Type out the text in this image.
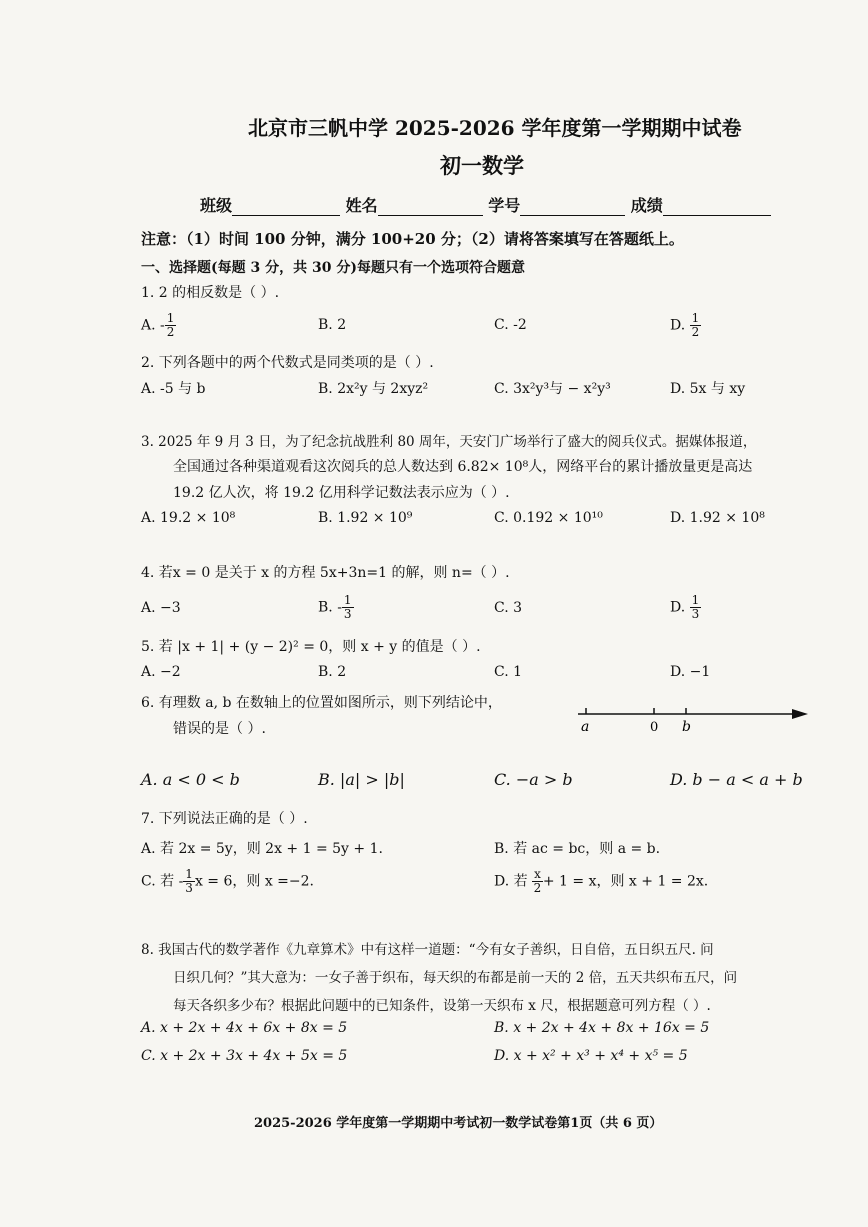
北京市三帆中学 2025-2026 学年度第一学期期中试卷
初一数学
班级	姓名	学号	成绩
注意：（1）时间 100 分钟，满分 100+20 分；（2）请将答案填写在答题纸上。
一、选择题(每题 3 分，共 30 分)每题只有一个选项符合题意
1. 2 的相反数是（ ）.
A. - $\frac{1}{2}$	B. 2	C. -2	D. $\frac{1}{2}$
2. 下列各题中的两个代数式是同类项的是（ ）.
A. -5 与 b	B. 2x²y 与 2xyz²	C. 3x²y³与 − x²y³	D. 5x 与 xy
3. 2025 年 9 月 3 日，为了纪念抗战胜利 80 周年，天安门广场举行了盛大的阅兵仪式。据媒体报道，
全国通过各种渠道观看这次阅兵的总人数达到 6.82× 10⁸人，网络平台的累计播放量更是高达
19.2 亿人次，将 19.2 亿用科学记数法表示应为（ ）.
A. 19.2 × 10⁸	B. 1.92 × 10⁹	C. 0.192 × 10¹⁰	D. 1.92 × 10⁸
4. 若x = 0 是关于 x 的方程 5x+3n=1 的解，则 n=（ ）.
A. −3	B. - $\frac{1}{3}$	C. 3	D. $\frac{1}{3}$
5. 若 |x + 1| + (y − 2)² = 0，则 x + y 的值是（ ）.
A. −2	B. 2	C. 1	D. −1
6. 有理数 a, b 在数轴上的位置如图所示，则下列结论中，
错误的是（ ）.	a	0 b
A. a < 0 < b	B. |a| > |b|	C. −a > b	D. b − a < a + b
7. 下列说法正确的是（ ）.
A. 若 2x = 5y，则 2x + 1 = 5y + 1.	B. 若 ac = bc，则 a = b.
C. 若 - $\frac{1}{3}$ x = 6，则 x =−2.	D. 若 $\frac{x}{2} + 1 = x$，则 x + 1 = 2x.
8. 我国古代的数学著作《九章算术》中有这样一道题：“今有女子善织，日自倍，五日织五尺. 问
日织几何？”其大意为：一女子善于织布，每天织的布都是前一天的 2 倍，五天共织布五尺，问
每天各织多少布？根据此问题中的已知条件，设第一天织布 x 尺，根据题意可列方程（ ）.
A. x + 2x + 4x + 6x + 8x = 5	B. x + 2x + 4x + 8x + 16x = 5
C. x + 2x + 3x + 4x + 5x = 5	D. x + x² + x³ + x⁴ + x⁵ = 5
2025-2026 学年度第一学期期中考试初一数学试卷第1页（共 6 页）
